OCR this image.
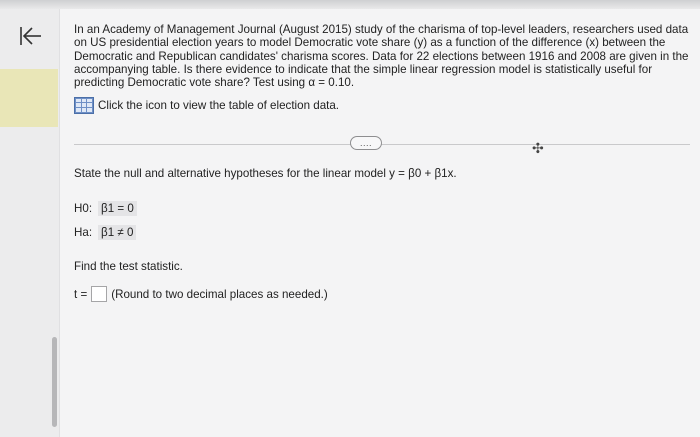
In an Academy of Management Journal (August 2015) study of the charisma of top-level leaders, researchers used data on US presidential election years to model Democratic vote share (y) as a function of the difference (x) between the Democratic and Republican candidates' charisma scores. Data for 22 elections between 1916 and 2008 are given in the accompanying table. Is there evidence to indicate that the simple linear regression model is statistically useful for predicting Democratic vote share? Test using α = 0.10.

Click the icon to view the table of election data.
....	✣

State the null and alternative hypotheses for the linear model y = β0 + β1x.

H0: β1 = 0
Ha: β1 ≠ 0

Find the test statistic.

t = (Round to two decimal places as needed.)
